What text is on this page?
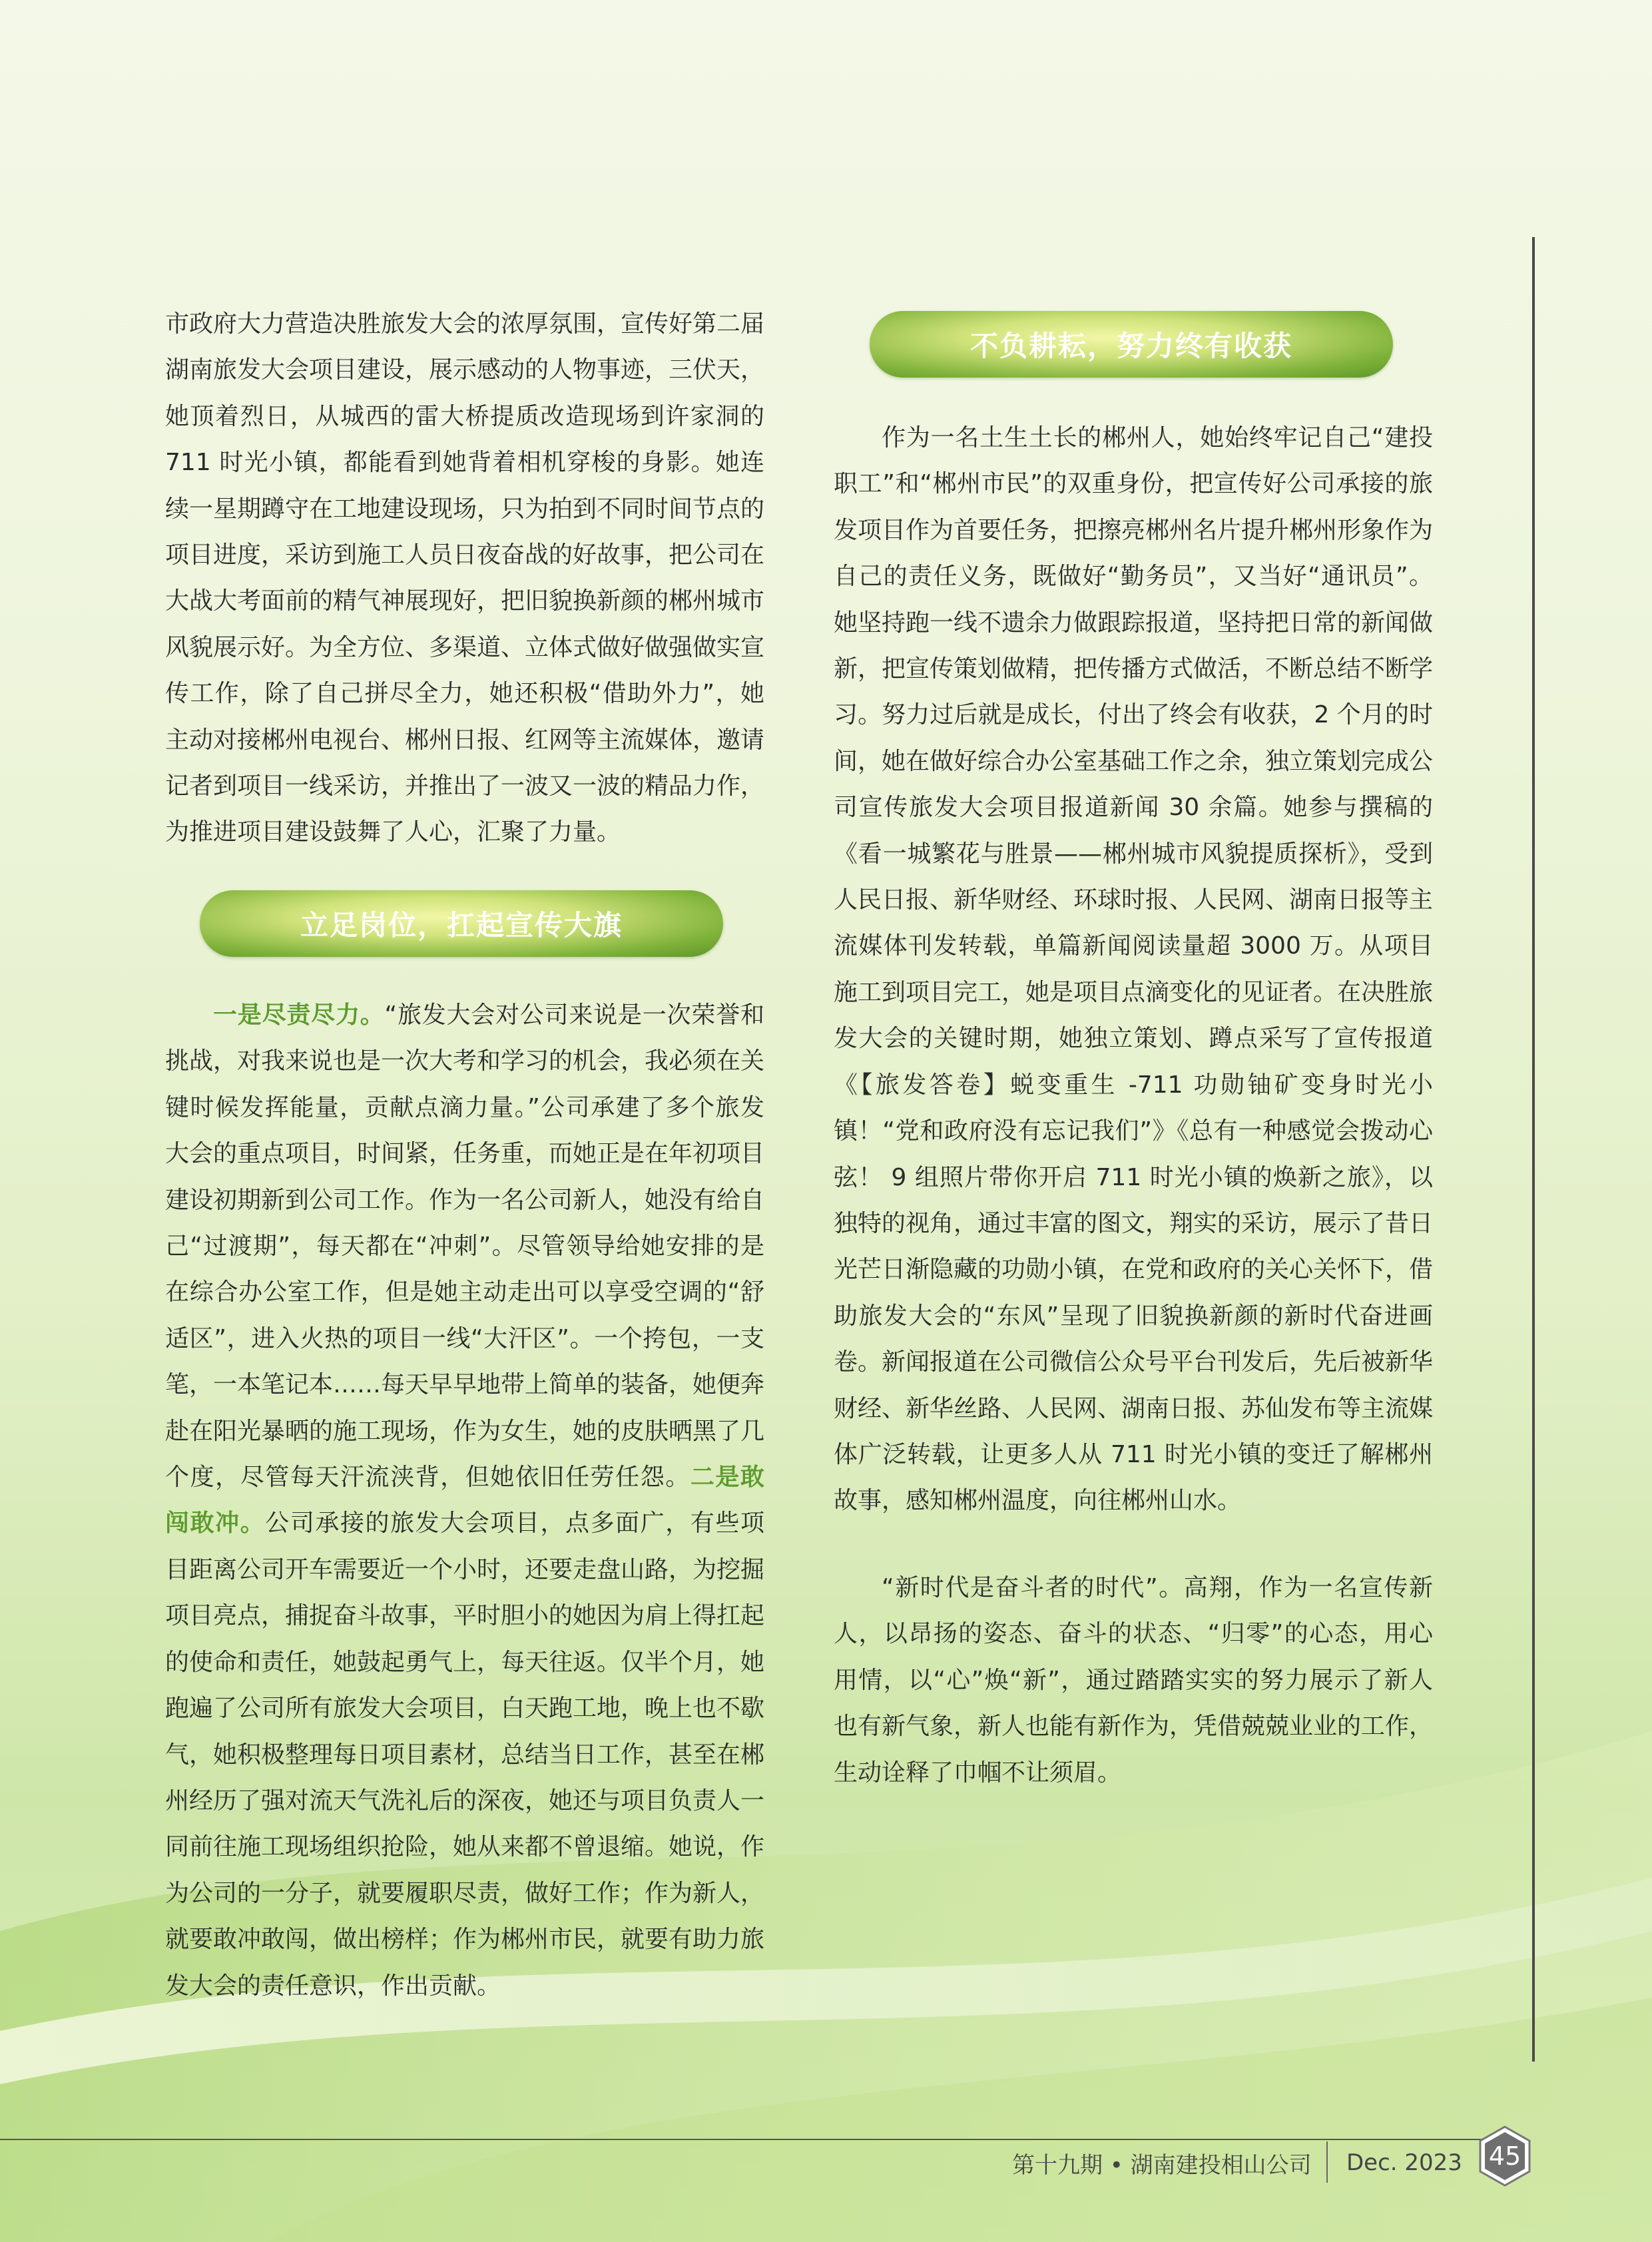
市政府大力营造决胜旅发大会的浓厚氛围，宣传好第二届湖南旅发大会项目建设，展示感动的人物事迹，三伏天，她顶着烈日，从城西的雷大桥提质改造现场到许家洞的711 时光小镇，都能看到她背着相机穿梭的身影。她连续一星期蹲守在工地建设现场，只为拍到不同时间节点的项目进度，采访到施工人员日夜奋战的好故事，把公司在大战大考面前的精气神展现好，把旧貌换新颜的郴州城市风貌展示好。为全方位、多渠道、立体式做好做强做实宣传工作，除了自己拼尽全力，她还积极“借助外力”，她主动对接郴州电视台、郴州日报、红网等主流媒体，邀请记者到项目一线采访，并推出了一波又一波的精品力作，为推进项目建设鼓舞了人心，汇聚了力量。

立足岗位，扛起宣传大旗

一是尽责尽力。“旅发大会对公司来说是一次荣誉和挑战，对我来说也是一次大考和学习的机会，我必须在关键时候发挥能量，贡献点滴力量。”公司承建了多个旅发大会的重点项目，时间紧，任务重，而她正是在年初项目建设初期新到公司工作。作为一名公司新人，她没有给自己“过渡期”，每天都在“冲刺”。尽管领导给她安排的是在综合办公室工作，但是她主动走出可以享受空调的“舒适区”，进入火热的项目一线“大汗区”。一个挎包，一支笔，一本笔记本……每天早早地带上简单的装备，她便奔赴在阳光暴晒的施工现场，作为女生，她的皮肤晒黑了几个度，尽管每天汗流浃背，但她依旧任劳任怨。二是敢闯敢冲。公司承接的旅发大会项目，点多面广，有些项目距离公司开车需要近一个小时，还要走盘山路，为挖掘项目亮点，捕捉奋斗故事，平时胆小的她因为肩上得扛起的使命和责任，她鼓起勇气上，每天往返。仅半个月，她跑遍了公司所有旅发大会项目，白天跑工地，晚上也不歇气，她积极整理每日项目素材，总结当日工作，甚至在郴州经历了强对流天气洗礼后的深夜，她还与项目负责人一同前往施工现场组织抢险，她从来都不曾退缩。她说，作为公司的一分子，就要履职尽责，做好工作；作为新人，就要敢冲敢闯，做出榜样；作为郴州市民，就要有助力旅发大会的责任意识，作出贡献。

不负耕耘，努力终有收获

作为一名土生土长的郴州人，她始终牢记自己“建投职工”和“郴州市民”的双重身份，把宣传好公司承接的旅发项目作为首要任务，把擦亮郴州名片提升郴州形象作为自己的责任义务，既做好“勤务员”，又当好“通讯员”。她坚持跑一线不遗余力做跟踪报道，坚持把日常的新闻做新，把宣传策划做精，把传播方式做活，不断总结不断学习。努力过后就是成长，付出了终会有收获，2 个月的时间，她在做好综合办公室基础工作之余，独立策划完成公司宣传旅发大会项目报道新闻 30 余篇。她参与撰稿的《看一城繁花与胜景——郴州城市风貌提质探析》，受到人民日报、新华财经、环球时报、人民网、湖南日报等主流媒体刊发转载，单篇新闻阅读量超 3000 万。从项目施工到项目完工，她是项目点滴变化的见证者。在决胜旅发大会的关键时期，她独立策划、蹲点采写了宣传报道《【旅发答卷】蜕变重生 -711 功勋铀矿变身时光小镇！“党和政府没有忘记我们”》《总有一种感觉会拨动心弦！ 9 组照片带你开启 711 时光小镇的焕新之旅》，以独特的视角，通过丰富的图文，翔实的采访，展示了昔日光芒日渐隐藏的功勋小镇，在党和政府的关心关怀下，借助旅发大会的“东风”呈现了旧貌换新颜的新时代奋进画卷。新闻报道在公司微信公众号平台刊发后，先后被新华财经、新华丝路、人民网、湖南日报、苏仙发布等主流媒体广泛转载，让更多人从 711 时光小镇的变迁了解郴州故事，感知郴州温度，向往郴州山水。

“新时代是奋斗者的时代”。高翔，作为一名宣传新人，以昂扬的姿态、奋斗的状态、“归零”的心态，用心用情，以“心”焕“新”，通过踏踏实实的努力展示了新人也有新气象，新人也能有新作为，凭借兢兢业业的工作，生动诠释了巾帼不让须眉。

第十九期 • 湖南建投相山公司 Dec. 2023	45
